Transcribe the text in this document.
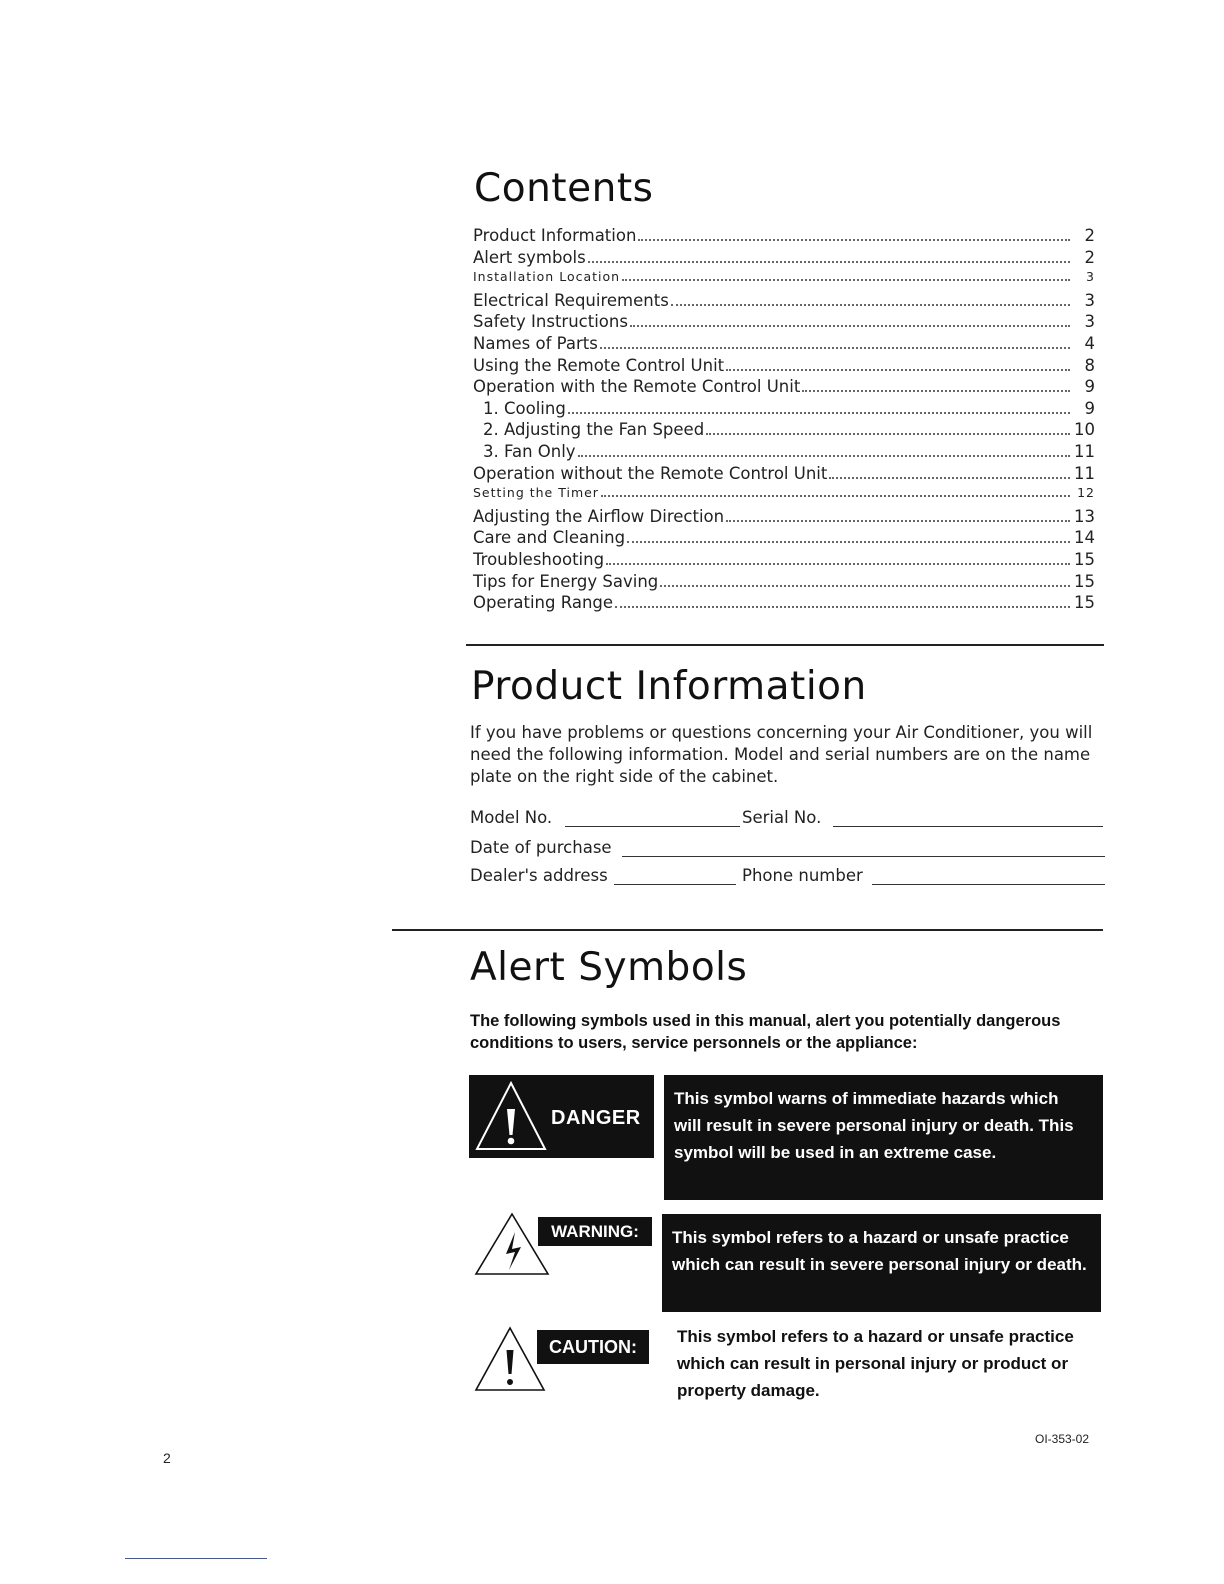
Contents
Product Information	2
Alert symbols	2
Installation Location	3
Electrical Requirements	3
Safety Instructions	3
Names of Parts	4
Using the Remote Control Unit	8
Operation with the Remote Control Unit	9
1. Cooling	9
2. Adjusting the Fan Speed	10
3. Fan Only	11
Operation without the Remote Control Unit	11
Setting the Timer	12
Adjusting the Airflow Direction	13
Care and Cleaning	14
Troubleshooting	15
Tips for Energy Saving	15
Operating Range	15
Product Information
If you have problems or questions concerning your Air Conditioner, you will need the following information. Model and serial numbers are on the name plate on the right side of the cabinet.
Model No.	Serial No.
Date of purchase
Dealer's address	Phone number
Alert Symbols
The following symbols used in this manual, alert you potentially dangerous conditions to users, service personnels or the appliance:
DANGER
This symbol warns of immediate hazards which will result in severe personal injury or death. This symbol will be used in an extreme case.
WARNING:	This symbol refers to a hazard or unsafe practice which can result in severe personal injury or death.
CAUTION:
This symbol refers to a hazard or unsafe practice which can result in personal injury or product or property damage.
OI-353-02
2
